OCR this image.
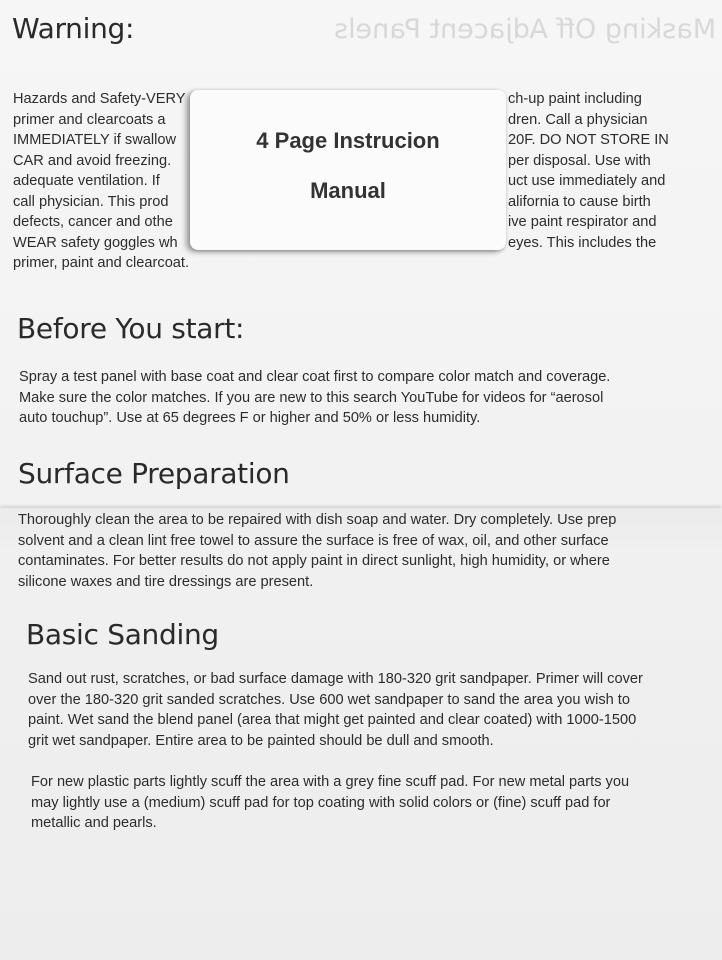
Masking Off Adjacent Panels
Warning:
Hazards and Safety-VERY
primer and clearcoats a
IMMEDIATELY if swallow
CAR and avoid freezing.
adequate ventilation. If
call physician. This prod
defects, cancer and othe
WEAR safety goggles wh
primer, paint and clearcoat.
ch-up paint including
dren. Call a physician
20F. DO NOT STORE IN
per disposal. Use with
uct use immediately and
alifornia to cause birth
ive paint respirator and
eyes. This includes the
4 Page Instrucion
Manual
Before You start:
Spray a test panel with base coat and clear coat first to compare color match and coverage.
Make sure the color matches. If you are new to this search YouTube for videos for “aerosol
auto touchup”. Use at 65 degrees F or higher and 50% or less humidity.
Surface Preparation
Thoroughly clean the area to be repaired with dish soap and water. Dry completely. Use prep
solvent and a clean lint free towel to assure the surface is free of wax, oil, and other surface
contaminates. For better results do not apply paint in direct sunlight, high humidity, or where
silicone waxes and tire dressings are present.
Basic Sanding
Sand out rust, scratches, or bad surface damage with 180-320 grit sandpaper. Primer will cover
over the 180-320 grit sanded scratches. Use 600 wet sandpaper to sand the area you wish to
paint. Wet sand the blend panel (area that might get painted and clear coated) with 1000-1500
grit wet sandpaper. Entire area to be painted should be dull and smooth.
For new plastic parts lightly scuff the area with a grey fine scuff pad. For new metal parts you
may lightly use a (medium) scuff pad for top coating with solid colors or (fine) scuff pad for
metallic and pearls.
